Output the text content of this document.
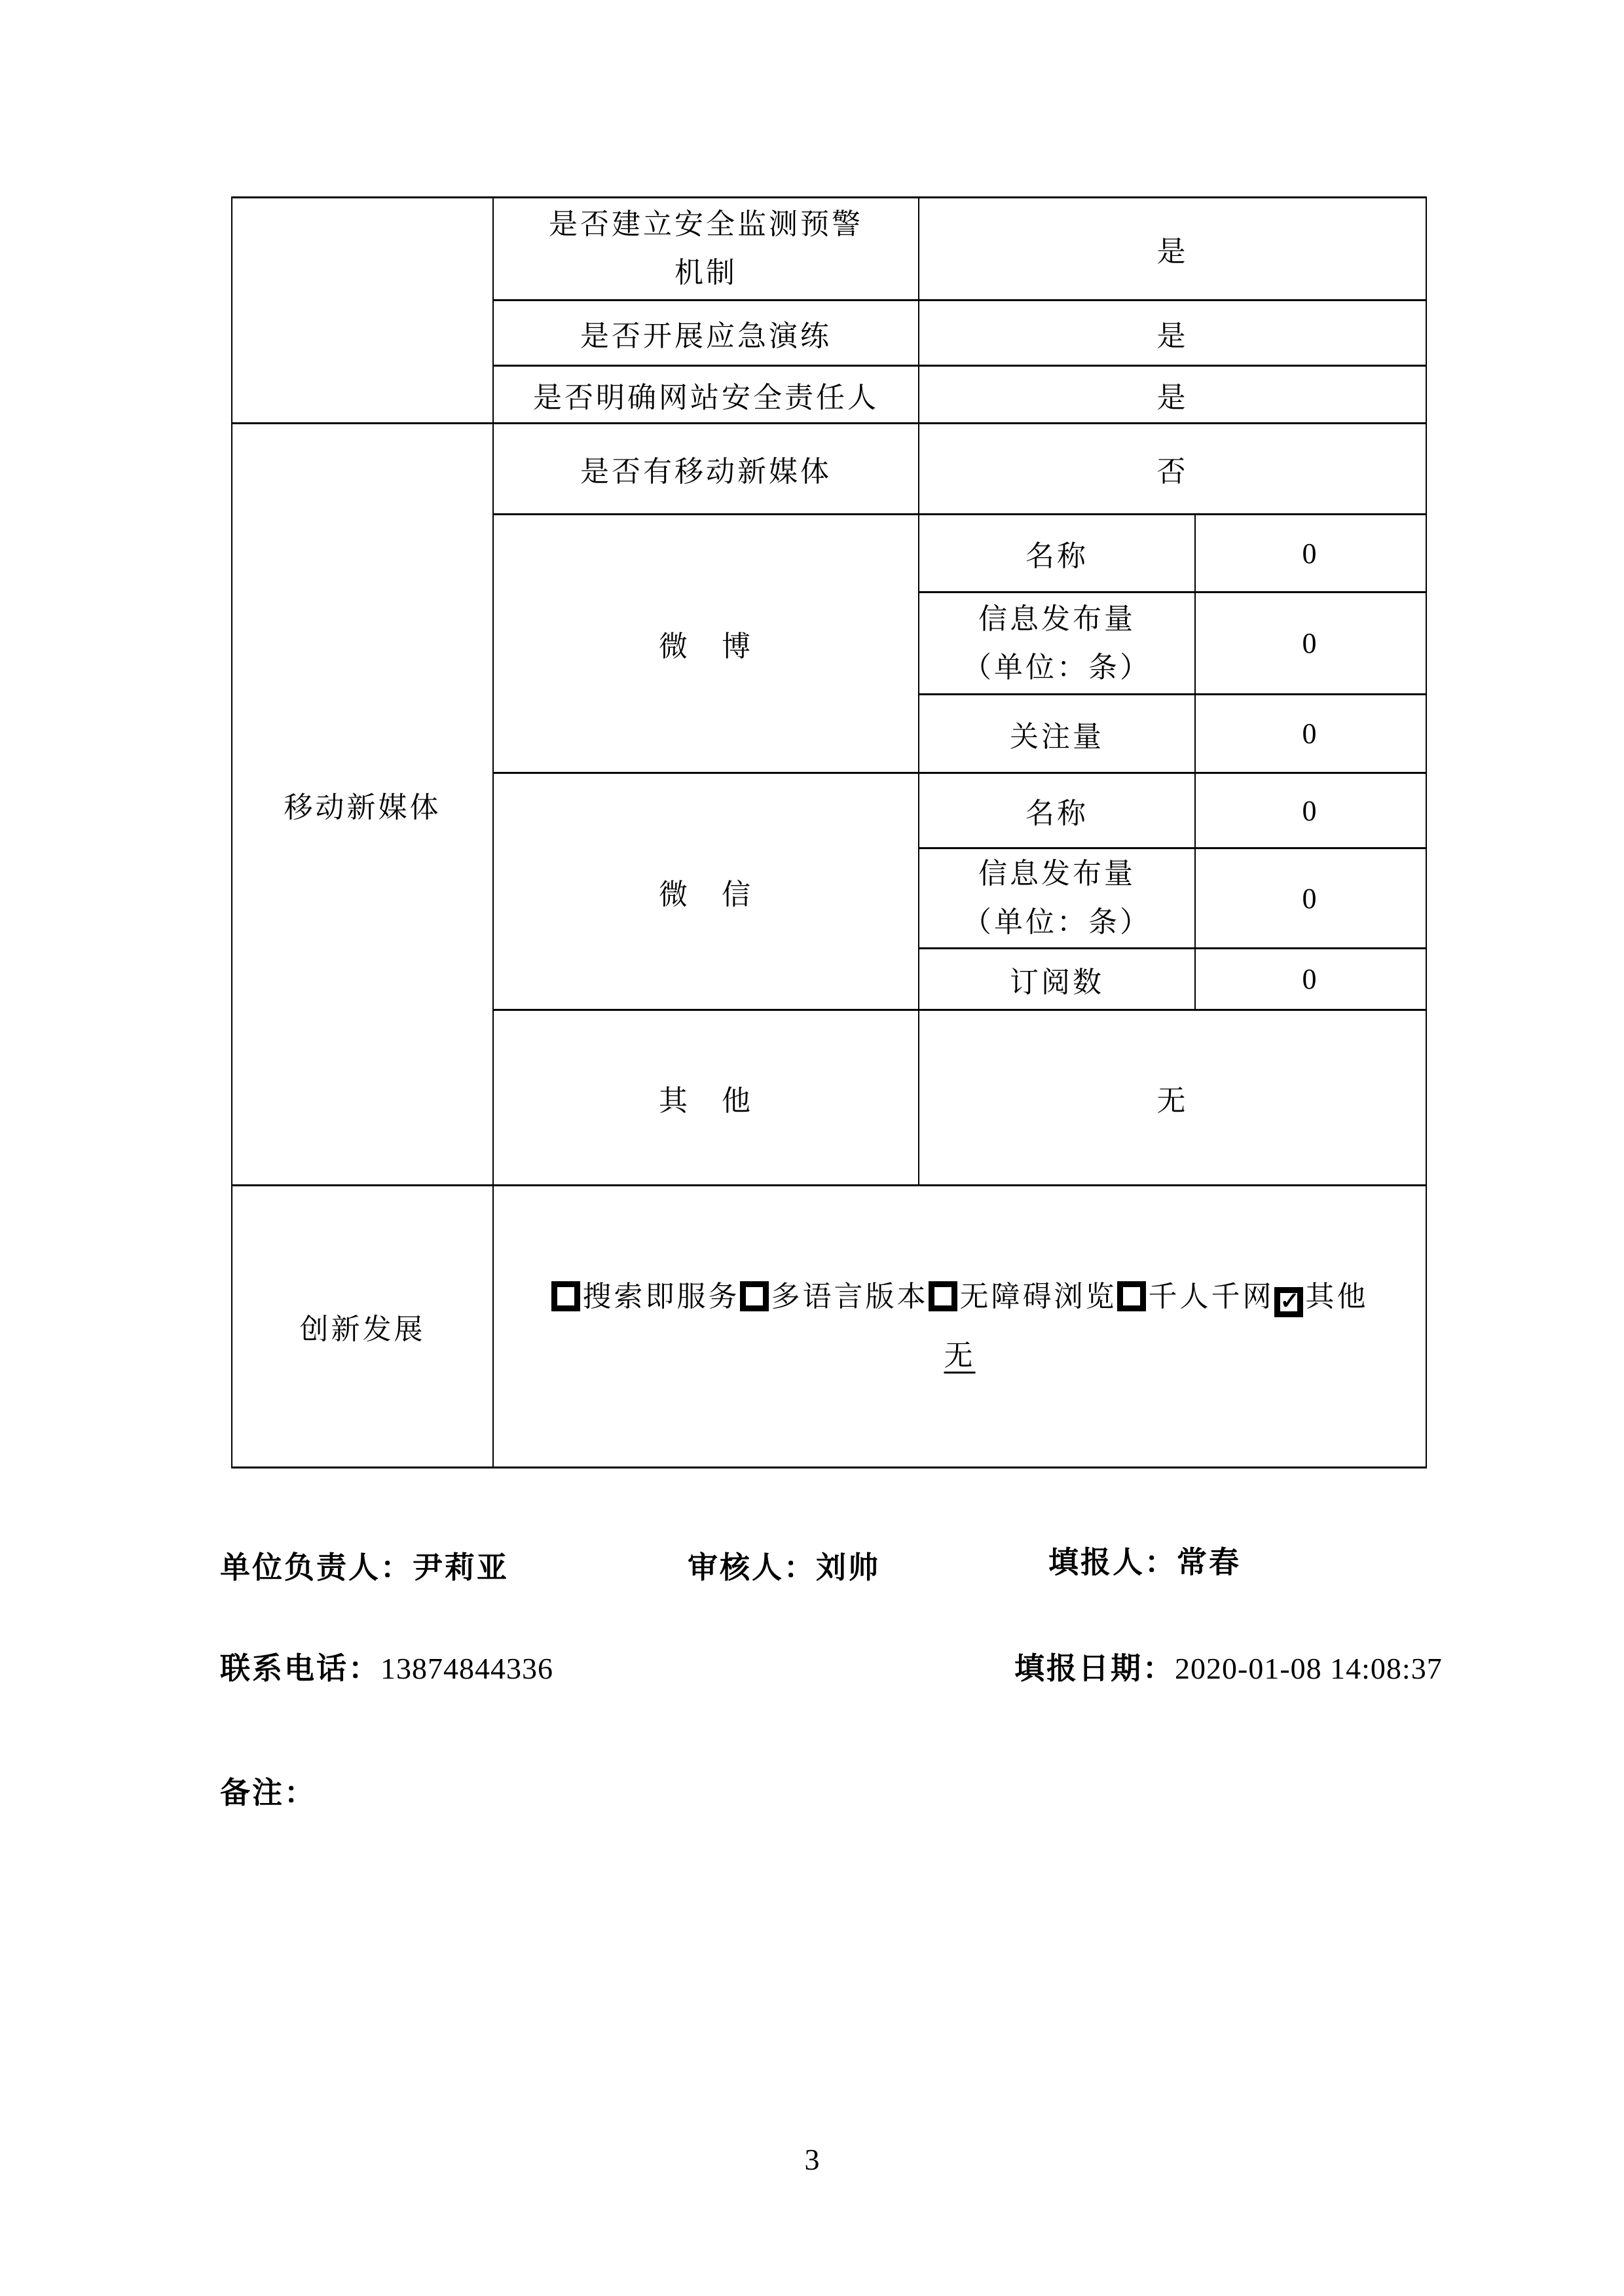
	是否建立安全监测预警
机制	是	
	是否开展应急演练	是	
	是否明确网站安全责任人	是	
移动新媒体	是否有移动新媒体	否	
	微　博	名称	0

		信息发布量
（单位：条）	0
		关注量	0
	微　信	名称	0

		信息发布量
（单位：条）	0
		订阅数	0
	其　他	无	
创新发展	搜索即服务 多语言版本 无障碍浏览 千人千网 ✓ 其他
无		
单位负责人：尹莉亚	审核人：刘帅	填报人：常春
联系电话：13874844336	填报日期：2020-01-08 14:08:37
备注：
3
